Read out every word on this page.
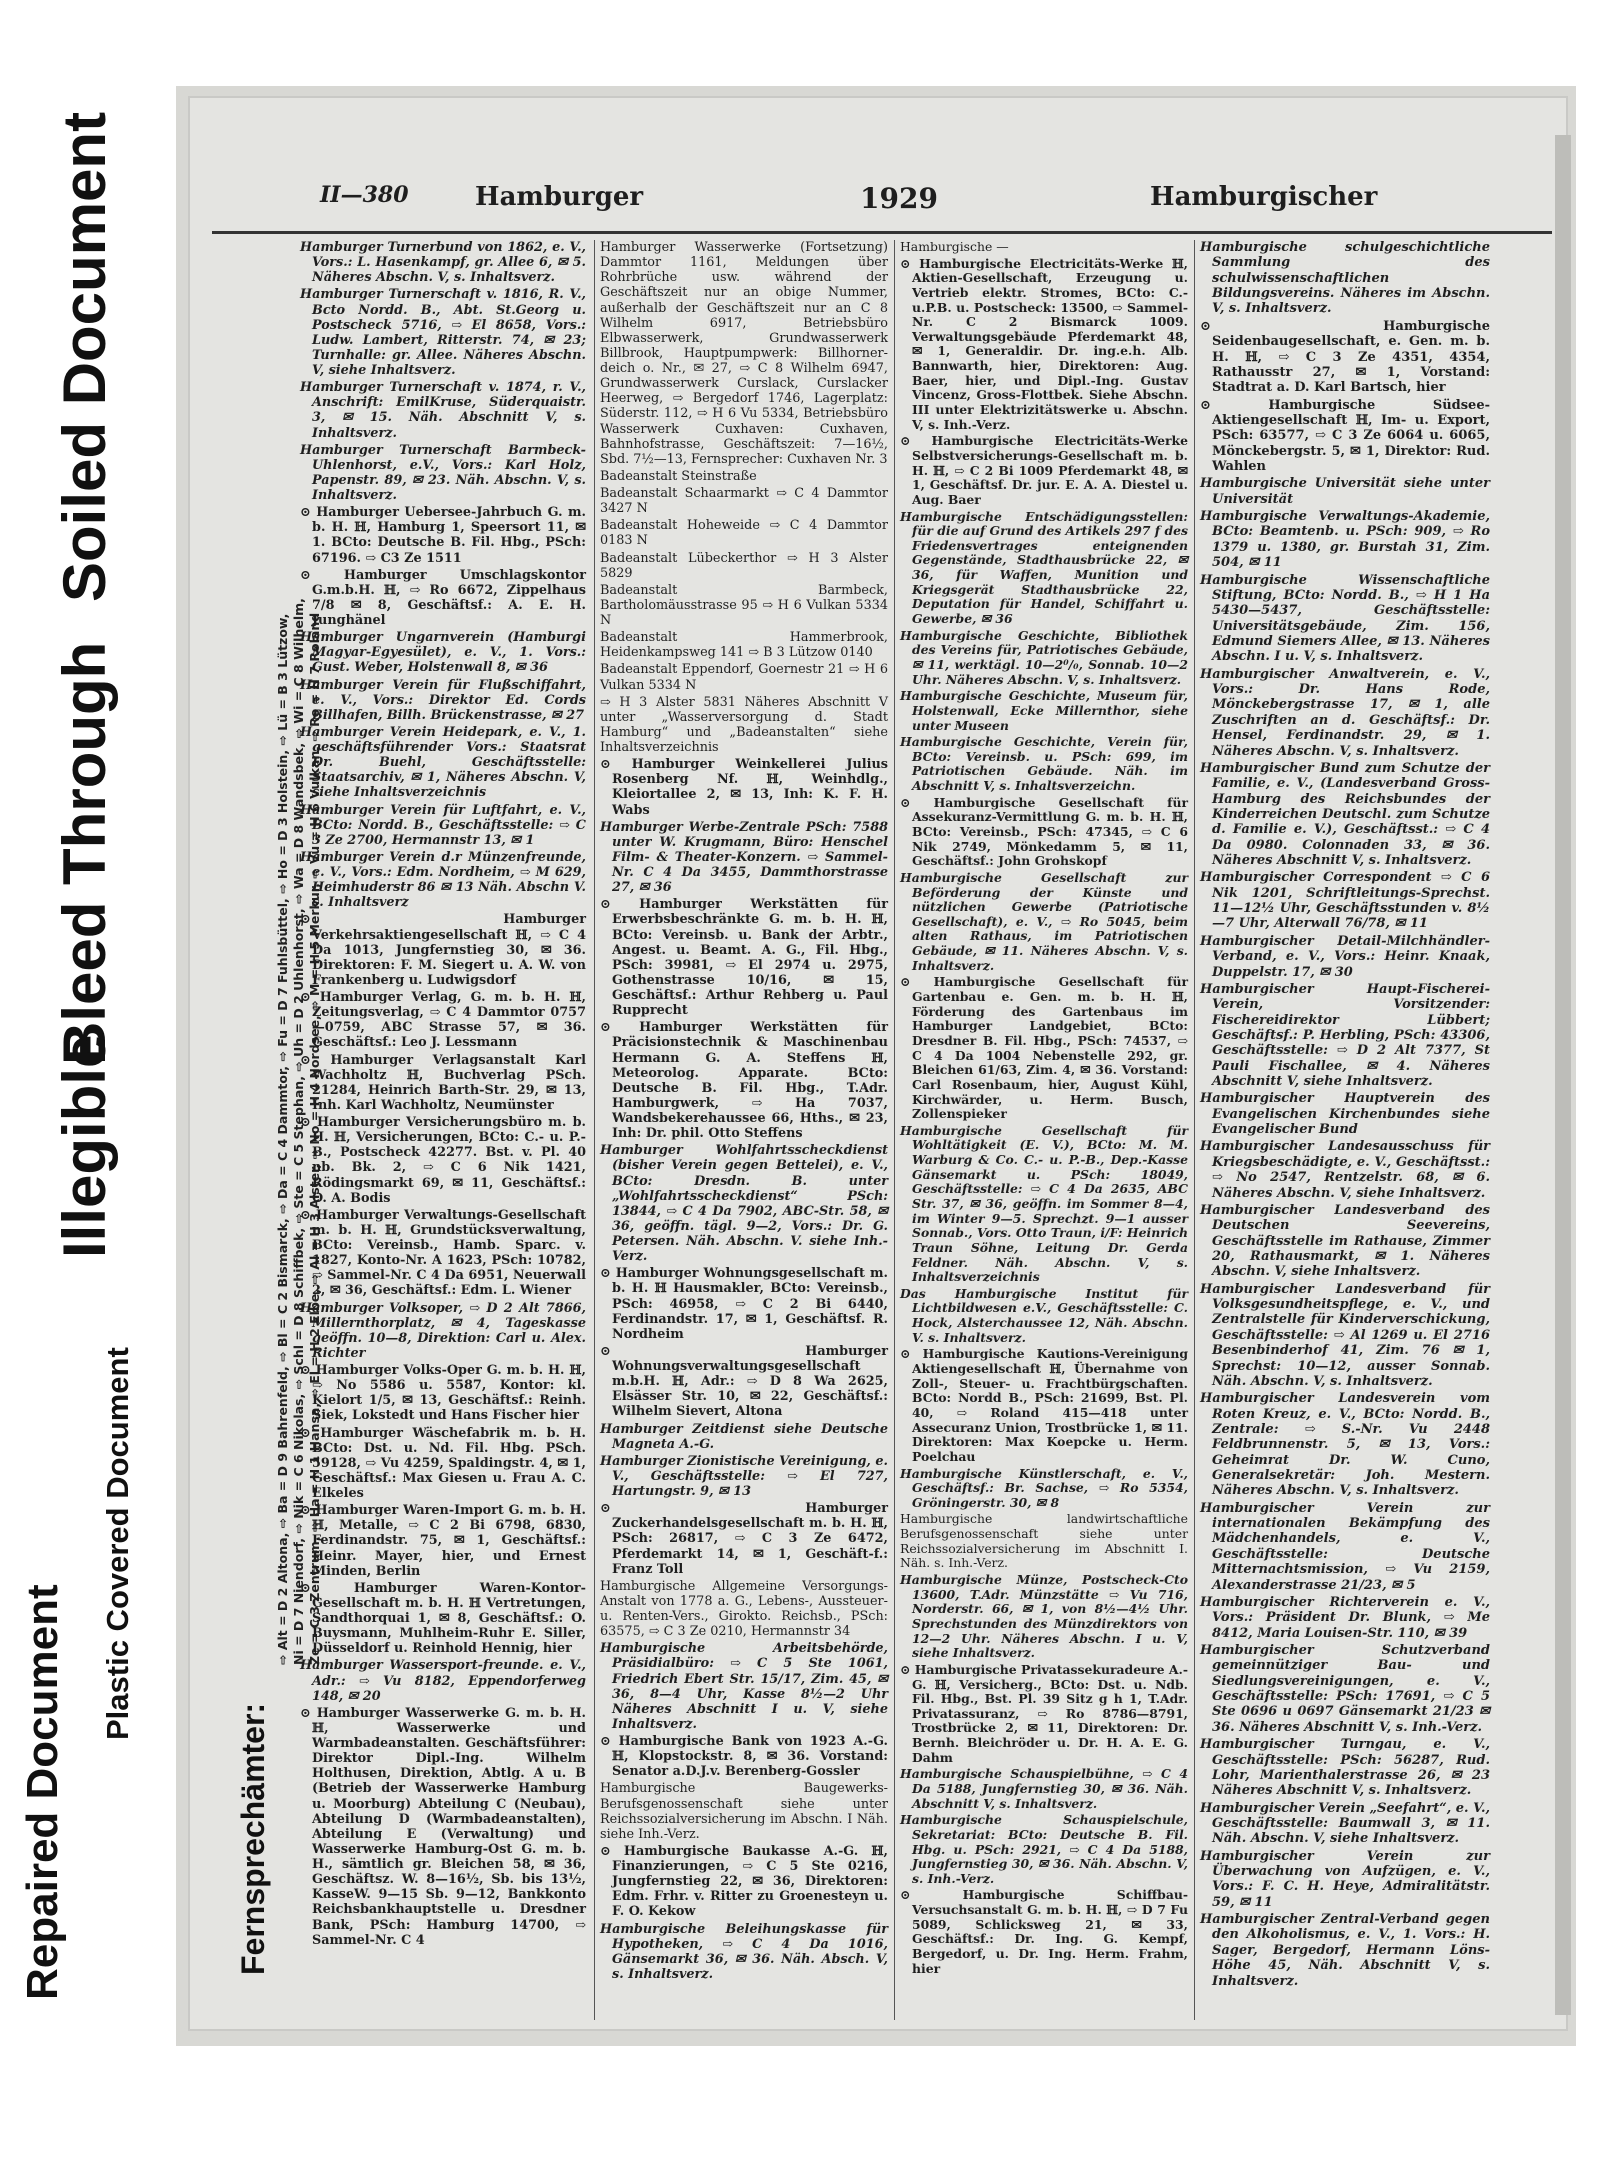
Repaired Document
Plastic Covered Document
Illegible
Bleed Through
Soiled Document	II—380	Hamburger	1929	Hamburgischer
Fernsprechämter:
⇨ Alt = D 2 Altona, ⇨ Ba = D 9 Bahrenfeld, ⇨ Bl = C 2 Bismarck, ⇨ Da = C 4 Dammtor, ⇨ Fu = D 7 Fuhlsbüttel, ⇨ Ho = D 3 Holstein, ⇨ Lü = B 3 Lützow, Ni = D 7 Niendorf, ⇨ Nik = C 6 Nikolas, ⇨ Schl = D 8 Schiffbek, ⇨ Ste = C 5 Stephan, ⇨ Uh = D 2 Uhlenhorst, ⇨ Wa = D 8 Wandsbek, ⇨ Wi = C 8 Wilhelm, Ze = C 3 Zentrum, ⇨ Ha = H 1 Hansa, ⇨ El = H 2 Elbe, ⇨ Al = H 3 Alster, ⇨ No = H 4 Nordsee, ⇨ M = H 5 Merkur, ⇨ Vu = H 6 Vulkan, ⇨ Ro = H 7 Roland

Hamburger Turnerbund von 1862, e. V., Vors.: L. Hasenkampf, gr. Allee 6, ✉ 5. Näheres Abschn. V, s. Inhaltsverz.

Hamburger Turnerschaft v. 1816, R. V., Bcto Nordd. B., Abt. St.Georg u. Postscheck 5716, ⇨ El 8658, Vors.: Ludw. Lambert, Ritterstr. 74, ✉ 23; Turnhalle: gr. Allee. Näheres Abschn. V, siehe Inhaltsverz.

Hamburger Turnerschaft v. 1874, r. V., Anschrift: EmilKruse, Süderquaistr. 3, ✉ 15. Näh. Abschnitt V, s. Inhaltsverz.

Hamburger Turnerschaft Barmbeck-Uhlenhorst, e.V., Vors.: Karl Holz, Papenstr. 89, ✉ 23. Näh. Abschn. V, s. Inhaltsverz.

⊙ Hamburger Uebersee-Jahrbuch G. m. b. H. ℍ, Hamburg 1, Speersort 11, ✉ 1. BCto: Deutsche B. Fil. Hbg., PSch: 67196. ⇨ C3 Ze 1511

⊙ Hamburger Umschlagskontor G.m.b.H. ℍ, ⇨ Ro 6672, Zippelhaus 7/8 ✉ 8, Geschäftsf.: A. E. H. Junghänel

Hamburger Ungarnverein (Hamburgi Magyar-Egyesület), e. V., 1. Vors.: Gust. Weber, Holstenwall 8, ✉ 36

Hamburger Verein für Flußschiffahrt, e. V., Vors.: Direktor Ed. Cords Billhafen, Billh. Brückenstrasse, ✉ 27

Hamburger Verein Heidepark, e. V., 1. geschäftsführender Vors.: Staatsrat Dr. Buehl, Geschäftsstelle: Staatsarchiv, ✉ 1, Näheres Abschn. V, siehe Inhaltsverzeichnis

Hamburger Verein für Luftfahrt, e. V., BCto: Nordd. B., Geschäftsstelle: ⇨ C 3 Ze 2700, Hermannstr 13, ✉ 1

Hamburger Verein d.r Münzenfreunde, e. V., Vors.: Edm. Nordheim, ⇨ M 629, Heimhuderstr 86 ✉ 13 Näh. Abschn V. s. Inhaltsverz

⊙ Hamburger Verkehrsaktiengesellschaft ℍ, ⇨ C 4 Da 1013, Jungfernstieg 30, ✉ 36. Direktoren: F. M. Siegert u. A. W. von Frankenberg u. Ludwigsdorf

⊙ Hamburger Verlag, G. m. b. H. ℍ, Zeitungsverlag, ⇨ C 4 Dammtor 0757—0759, ABC Strasse 57, ✉ 36. Geschäftsf.: Leo J. Lessmann

⊙ Hamburger Verlagsanstalt Karl Wachholtz ℍ, Buchverlag PSch. 21284, Heinrich Barth-Str. 29, ✉ 13, Inh. Karl Wachholtz, Neumünster

⊙ Hamburger Versicherungsbüro m. b. H. ℍ, Versicherungen, BCto: C.- u. P.-B., Postscheck 42277. Bst. v. Pl. 40 nb. Bk. 2, ⇨ C 6 Nik 1421, Rödingsmarkt 69, ✉ 11, Geschäftsf.: O. A. Bodis

⊙ Hamburger Verwaltungs-Gesellschaft m. b. H. ℍ, Grundstücksverwaltung, BCto: Vereinsb., Hamb. Sparc. v. 1827, Konto-Nr. A 1623, PSch: 10782, ⇨ Sammel-Nr. C 4 Da 6951, Neuerwall 2, ✉ 36, Geschäftsf.: Edm. L. Wiener

Hamburger Volksoper, ⇨ D 2 Alt 7866, Millernthorplatz, ✉ 4, Tageskasse geöffn. 10—8, Direktion: Carl u. Alex. Richter

⊙ Hamburger Volks-Oper G. m. b. H. ℍ, ⇨ No 5586 u. 5587, Kontor: kl. Kielort 1/5, ✉ 13, Geschäftsf.: Reinh. Siek, Lokstedt und Hans Fischer hier

⊙ Hamburger Wäschefabrik m. b. H. BCto: Dst. u. Nd. Fil. Hbg. PSch. 59128, ⇨ Vu 4259, Spaldingstr. 4, ✉ 1, Geschäftsf.: Max Giesen u. Frau A. C. Elkeles

⊙ Hamburger Waren-Import G. m. b. H. ℍ, Metalle, ⇨ C 2 Bi 6798, 6830, Ferdinandstr. 75, ✉ 1, Geschäftsf.: Heinr. Mayer, hier, und Ernest Minden, Berlin

⊙ Hamburger Waren-Kontor-Gesellschaft m. b. H. ℍ Vertretungen, Sandthorquai 1, ✉ 8, Geschäftsf.: O. Buysmann, Muhlheim-Ruhr E. Siller, Düsseldorf u. Reinhold Hennig, hier

Hamburger Wassersport-freunde. e. V., Adr.: ⇨ Vu 8182, Eppendorferweg 148, ✉ 20

⊙ Hamburger Wasserwerke G. m. b. H. ℍ, Wasserwerke und Warmbadeanstalten. Geschäftsführer: Direktor Dipl.-Ing. Wilhelm Holthusen, Direktion, Abtlg. A u. B (Betrieb der Wasserwerke Hamburg u. Moorburg) Abteilung C (Neubau), Abteilung D (Warmbadeanstalten), Abteilung E (Verwaltung) und Wasserwerke Hamburg-Ost G. m. b. H., sämtlich gr. Bleichen 58, ✉ 36, Geschäftsz. W. 8—16½, Sb. bis 13½, KasseW. 9—15 Sb. 9—12, Bankkonto Reichsbankhauptstelle u. Dresdner Bank, PSch: Hamburg 14700, ⇨ Sammel-Nr. C 4

Hamburger Wasserwerke (Fortsetzung) Dammtor 1161, Meldungen über Rohrbrüche usw. während der Geschäftszeit nur an obige Nummer, außerhalb der Geschäftszeit nur an C 8 Wilhelm 6917, Betriebsbüro Elbwasserwerk, Grundwasserwerk Billbrook, Hauptpumpwerk: Billhorner-deich o. Nr., ✉ 27, ⇨ C 8 Wilhelm 6947, Grundwasserwerk Curslack, Curslacker Heerweg, ⇨ Bergedorf 1746, Lagerplatz: Süderstr. 112, ⇨ H 6 Vu 5334, Betriebsbüro Wasserwerk Cuxhaven: Cuxhaven, Bahnhofstrasse, Geschäftszeit: 7—16½, Sbd. 7½—13, Fernsprecher: Cuxhaven Nr. 3

Badeanstalt Steinstraße

Badeanstalt Schaarmarkt ⇨ C 4 Dammtor 3427 N

Badeanstalt Hoheweide ⇨ C 4 Dammtor 0183 N

Badeanstalt Lübeckerthor ⇨ H 3 Alster 5829

Badeanstalt Barmbeck, Bartholomäusstrasse 95 ⇨ H 6 Vulkan 5334 N

Badeanstalt Hammerbrook, Heidenkampsweg 141 ⇨ B 3 Lützow 0140

Badeanstalt Eppendorf, Goernestr 21 ⇨ H 6 Vulkan 5334 N

⇨ H 3 Alster 5831 Näheres Abschnitt V unter „Wasserversorgung d. Stadt Hamburg“ und „Badeanstalten“ siehe Inhaltsverzeichnis

⊙ Hamburger Weinkellerei Julius Rosenberg Nf. ℍ, Weinhdlg., Kleiortallee 2, ✉ 13, Inh: K. F. H. Wabs

Hamburger Werbe-Zentrale PSch: 7588 unter W. Krugmann, Büro: Henschel Film- & Theater-Konzern. ⇨ Sammel-Nr. C 4 Da 3455, Dammthorstrasse 27, ✉ 36

⊙ Hamburger Werkstätten für Erwerbsbeschränkte G. m. b. H. ℍ, BCto: Vereinsb. u. Bank der Arbtr., Angest. u. Beamt. A. G., Fil. Hbg., PSch: 39981, ⇨ El 2974 u. 2975, Gothenstrasse 10/16, ✉ 15, Geschäftsf.: Arthur Rehberg u. Paul Rupprecht

⊙ Hamburger Werkstätten für Präcisionstechnik & Maschinenbau Hermann G. A. Steffens ℍ, Meteorolog. Apparate. BCto: Deutsche B. Fil. Hbg., T.Adr. Hamburgwerk, ⇨ Ha 7037, Wandsbekerehaussee 66, Hths., ✉ 23, Inh: Dr. phil. Otto Steffens

Hamburger Wohlfahrtsscheckdienst (bisher Verein gegen Bettelei), e. V., BCto: Dresdn. B. unter „Wohlfahrtsscheckdienst“ PSch: 13844, ⇨ C 4 Da 7902, ABC-Str. 58, ✉ 36, geöffn. tägl. 9—2, Vors.: Dr. G. Petersen. Näh. Abschn. V. siehe Inh.-Verz.

⊙ Hamburger Wohnungsgesellschaft m. b. H. ℍ Hausmakler, BCto: Vereinsb., PSch: 46958, ⇨ C 2 Bi 6440, Ferdinandstr. 17, ✉ 1, Geschäftsf. R. Nordheim

⊙ Hamburger Wohnungsverwaltungsgesellschaft m.b.H. ℍ, Adr.: ⇨ D 8 Wa 2625, Elsässer Str. 10, ✉ 22, Geschäftsf.: Wilhelm Sievert, Altona

Hamburger Zeitdienst siehe Deutsche Magneta A.-G.

Hamburger Zionistische Vereinigung, e. V., Geschäftsstelle: ⇨ El 727, Hartungstr. 9, ✉ 13

⊙ Hamburger Zuckerhandelsgesellschaft m. b. H. ℍ, PSch: 26817, ⇨ C 3 Ze 6472, Pferdemarkt 14, ✉ 1, Geschäft-f.: Franz Toll

Hamburgische Allgemeine Versorgungs-Anstalt von 1778 a. G., Lebens-, Aussteuer- u. Renten-Vers., Girokto. Reichsb., PSch: 63575, ⇨ C 3 Ze 0210, Hermannstr 34

Hamburgische Arbeitsbehörde, Präsidialbüro: ⇨ C 5 Ste 1061, Friedrich Ebert Str. 15/17, Zim. 45, ✉ 36, 8—4 Uhr, Kasse 8½—2 Uhr Näheres Abschnitt I u. V, siehe Inhaltsverz.

⊙ Hamburgische Bank von 1923 A.-G. ℍ, Klopstockstr. 8, ✉ 36. Vorstand: Senator a.D.J.v. Berenberg-Gossler

Hamburgische Baugewerks-Berufsgenossenschaft siehe unter Reichssozialversicherung im Abschn. I Näh. siehe Inh.-Verz.

⊙ Hamburgische Baukasse A.-G. ℍ, Finanzierungen, ⇨ C 5 Ste 0216, Jungfernstieg 22, ✉ 36, Direktoren: Edm. Frhr. v. Ritter zu Groenesteyn u. F. O. Kekow

Hamburgische Beleihungskasse für Hypotheken, ⇨ C 4 Da 1016, Gänsemarkt 36, ✉ 36. Näh. Absch. V, s. Inhaltsverz.

Hamburgische —

⊙ Hamburgische Electricitäts-Werke ℍ, Aktien-Gesellschaft, Erzeugung u. Vertrieb elektr. Stromes, BCto: C.-u.P.B. u. Postscheck: 13500, ⇨ Sammel-Nr. C 2 Bismarck 1009. Verwaltungsgebäude Pferdemarkt 48, ✉ 1, Generaldir. Dr. ing.e.h. Alb. Bannwarth, hier, Direktoren: Aug. Baer, hier, und Dipl.-Ing. Gustav Vincenz, Gross-Flottbek. Siehe Abschn. III unter Elektrizitätswerke u. Abschn. V, s. Inh.-Verz.

⊙ Hamburgische Electricitäts-Werke Selbstversicherungs-Gesellschaft m. b. H. ℍ, ⇨ C 2 Bi 1009 Pferdemarkt 48, ✉ 1, Geschäftsf. Dr. jur. E. A. A. Diestel u. Aug. Baer

Hamburgische Entschädigungsstellen: für die auf Grund des Artikels 297 f des Friedensvertrages enteignenden Gegenstände, Stadthausbrücke 22, ✉ 36, für Waffen, Munition und Kriegsgerät Stadthausbrücke 22, Deputation für Handel, Schiffahrt u. Gewerbe, ✉ 36

Hamburgische Geschichte, Bibliothek des Vereins für, Patriotisches Gebäude, ✉ 11, werktägl. 10—2⁰/₀, Sonnab. 10—2 Uhr. Näheres Abschn. V, s. Inhaltsverz.

Hamburgische Geschichte, Museum für, Holstenwall, Ecke Millernthor, siehe unter Museen

Hamburgische Geschichte, Verein für, BCto: Vereinsb. u. PSch: 699, im Patriotischen Gebäude. Näh. im Abschnitt V, s. Inhaltsverzeichn.

⊙ Hamburgische Gesellschaft für Assekuranz-Vermittlung G. m. b. H. ℍ, BCto: Vereinsb., PSch: 47345, ⇨ C 6 Nik 2749, Mönkedamm 5, ✉ 11, Geschäftsf.: John Grohskopf

Hamburgische Gesellschaft zur Beförderung der Künste und nützlichen Gewerbe (Patriotische Gesellschaft), e. V., ⇨ Ro 5045, beim alten Rathaus, im Patriotischen Gebäude, ✉ 11. Näheres Abschn. V, s. Inhaltsverz.

⊙ Hamburgische Gesellschaft für Gartenbau e. Gen. m. b. H. ℍ, Förderung des Gartenbaus im Hamburger Landgebiet, BCto: Dresdner B. Fil. Hbg., PSch: 74537, ⇨ C 4 Da 1004 Nebenstelle 292, gr. Bleichen 61/63, Zim. 4, ✉ 36. Vorstand: Carl Rosenbaum, hier, August Kühl, Kirchwärder, u. Herm. Busch, Zollenspieker

Hamburgische Gesellschaft für Wohltätigkeit (E. V.), BCto: M. M. Warburg & Co. C.- u. P.-B., Dep.-Kasse Gänsemarkt u. PSch: 18049, Geschäftsstelle: ⇨ C 4 Da 2635, ABC Str. 37, ✉ 36, geöffn. im Sommer 8—4, im Winter 9—5. Sprechzt. 9—1 ausser Sonnab., Vors. Otto Traun, i/F: Heinrich Traun Söhne, Leitung Dr. Gerda Feldner. Näh. Abschn. V, s. Inhaltsverzeichnis

Das Hamburgische Institut für Lichtbildwesen e.V., Geschäftsstelle: C. Hock, Alsterchaussee 12, Näh. Abschn. V. s. Inhaltsverz.

⊙ Hamburgische Kautions-Vereinigung Aktiengesellschaft ℍ, Übernahme von Zoll-, Steuer- u. Frachtbürgschaften. BCto: Nordd B., PSch: 21699, Bst. Pl. 40, ⇨ Roland 415—418 unter Assecuranz Union, Trostbrücke 1, ✉ 11. Direktoren: Max Koepcke u. Herm. Poelchau

Hamburgische Künstlerschaft, e. V., Geschäftsf.: Br. Sachse, ⇨ Ro 5354, Gröningerstr. 30, ✉ 8

Hamburgische landwirtschaftliche Berufsgenossenschaft siehe unter Reichssozialversicherung im Abschnitt I. Näh. s. Inh.-Verz.

Hamburgische Münze, Postscheck-Cto 13600, T.Adr. Münzstätte ⇨ Vu 716, Norderstr. 66, ✉ 1, von 8½—4½ Uhr. Sprechstunden des Münzdirektors von 12—2 Uhr. Näheres Abschn. I u. V, siehe Inhaltsverz.

⊙ Hamburgische Privatassekuradeure A.-G. ℍ, Versicherg., BCto: Dst. u. Ndb. Fil. Hbg., Bst. Pl. 39 Sitz g h 1, T.Adr. Privatassuranz, ⇨ Ro 8786—8791, Trostbrücke 2, ✉ 11, Direktoren: Dr. Bernh. Bleichröder u. Dr. H. A. E. G. Dahm

Hamburgische Schauspielbühne, ⇨ C 4 Da 5188, Jungfernstieg 30, ✉ 36. Näh. Abschnitt V, s. Inhaltsverz.

Hamburgische Schauspielschule, Sekretariat: BCto: Deutsche B. Fil. Hbg. u. PSch: 2921, ⇨ C 4 Da 5188, Jungfernstieg 30, ✉ 36. Näh. Abschn. V, s. Inh.-Verz.

⊙ Hamburgische Schiffbau-Versuchsanstalt G. m. b. H. ℍ, ⇨ D 7 Fu 5089, Schlicksweg 21, ✉ 33, Geschäftsf.: Dr. Ing. G. Kempf, Bergedorf, u. Dr. Ing. Herm. Frahm, hier

Hamburgische schulgeschichtliche Sammlung des schulwissenschaftlichen Bildungsvereins. Näheres im Abschn. V, s. Inhaltsverz.

⊙ Hamburgische Seidenbaugesellschaft, e. Gen. m. b. H. ℍ, ⇨ C 3 Ze 4351, 4354, Rathausstr 27, ✉ 1, Vorstand: Stadtrat a. D. Karl Bartsch, hier

⊙ Hamburgische Südsee-Aktiengesellschaft ℍ, Im- u. Export, PSch: 63577, ⇨ C 3 Ze 6064 u. 6065, Mönckebergstr. 5, ✉ 1, Direktor: Rud. Wahlen

Hamburgische Universität siehe unter Universität

Hamburgische Verwaltungs-Akademie, BCto: Beamtenb. u. PSch: 909, ⇨ Ro 1379 u. 1380, gr. Burstah 31, Zim. 504, ✉ 11

Hamburgische Wissenschaftliche Stiftung, BCto: Nordd. B., ⇨ H 1 Ha 5430—5437, Geschäftsstelle: Universitätsgebäude, Zim. 156, Edmund Siemers Allee, ✉ 13. Näheres Abschn. I u. V, s. Inhaltsverz.

Hamburgischer Anwaltverein, e. V., Vors.: Dr. Hans Rode, Mönckebergstrasse 17, ✉ 1, alle Zuschriften an d. Geschäftsf.: Dr. Hensel, Ferdinandstr. 29, ✉ 1. Näheres Abschn. V, s. Inhaltsverz.

Hamburgischer Bund zum Schutze der Familie, e. V., (Landesverband Gross-Hamburg des Reichsbundes der Kinderreichen Deutschl. zum Schutze d. Familie e. V.), Geschäftsst.: ⇨ C 4 Da 0980. Colonnaden 33, ✉ 36. Näheres Abschnitt V, s. Inhaltsverz.

Hamburgischer Correspondent ⇨ C 6 Nik 1201, Schriftleitungs-Sprechst. 11—12½ Uhr, Geschäftsstunden v. 8½—7 Uhr, Alterwall 76/78, ✉ 11

Hamburgischer Detail-Milchhändler-Verband, e. V., Vors.: Heinr. Knaak, Duppelstr. 17, ✉ 30

Hamburgischer Haupt-Fischerei-Verein, Vorsitzender: Fischereidirektor Lübbert; Geschäftsf.: P. Herbling, PSch: 43306, Geschäftsstelle: ⇨ D 2 Alt 7377, St Pauli Fischallee, ✉ 4. Näheres Abschnitt V, siehe Inhaltsverz.

Hamburgischer Hauptverein des Evangelischen Kirchenbundes siehe Evangelischer Bund

Hamburgischer Landesausschuss für Kriegsbeschädigte, e. V., Geschäftsst.: ⇨ No 2547, Rentzelstr. 68, ✉ 6. Näheres Abschn. V, siehe Inhaltsverz.

Hamburgischer Landesverband des Deutschen Seevereins, Geschäftsstelle im Rathause, Zimmer 20, Rathausmarkt, ✉ 1. Näheres Abschn. V, siehe Inhaltsverz.

Hamburgischer Landesverband für Volksgesundheitspflege, e. V., und Zentralstelle für Kinderverschickung, Geschäftsstelle: ⇨ Al 1269 u. El 2716 Besenbinderhof 41, Zim. 76 ✉ 1, Sprechst: 10—12, ausser Sonnab. Näh. Abschn. V, s. Inhaltsverz.

Hamburgischer Landesverein vom Roten Kreuz, e. V., BCto: Nordd. B., Zentrale: ⇨ S.-Nr. Vu 2448 Feldbrunnenstr. 5, ✉ 13, Vors.: Geheimrat Dr. W. Cuno, Generalsekretär: Joh. Mestern. Näheres Abschn. V, s. Inhaltsverz.

Hamburgischer Verein zur internationalen Bekämpfung des Mädchenhandels, e. V., Geschäftsstelle: Deutsche Mitternachtsmission, ⇨ Vu 2159, Alexanderstrasse 21/23, ✉ 5

Hamburgischer Richterverein e. V., Vors.: Präsident Dr. Blunk, ⇨ Me 8412, Maria Louisen-Str. 110, ✉ 39

Hamburgischer Schutzverband gemeinnütziger Bau- und Siedlungsvereinigungen, e. V., Geschäftsstelle: PSch: 17691, ⇨ C 5 Ste 0696 u 0697 Gänsemarkt 21/23 ✉ 36. Näheres Abschnitt V, s. Inh.-Verz.

Hamburgischer Turngau, e. V., Geschäftsstelle: PSch: 56287, Rud. Lohr, Marienthalerstrasse 26, ✉ 23 Näheres Abschnitt V, s. Inhaltsverz.

Hamburgischer Verein „Seefahrt“, e. V., Geschäftsstelle: Baumwall 3, ✉ 11. Näh. Abschn. V, siehe Inhaltsverz.

Hamburgischer Verein zur Überwachung von Aufzügen, e. V., Vors.: F. C. H. Heye, Admiralitätstr. 59, ✉ 11

Hamburgischer Zentral-Verband gegen den Alkoholismus, e. V., 1. Vors.: H. Sager, Bergedorf, Hermann Löns-Höhe 45, Näh. Abschnitt V, s. Inhaltsverz.
